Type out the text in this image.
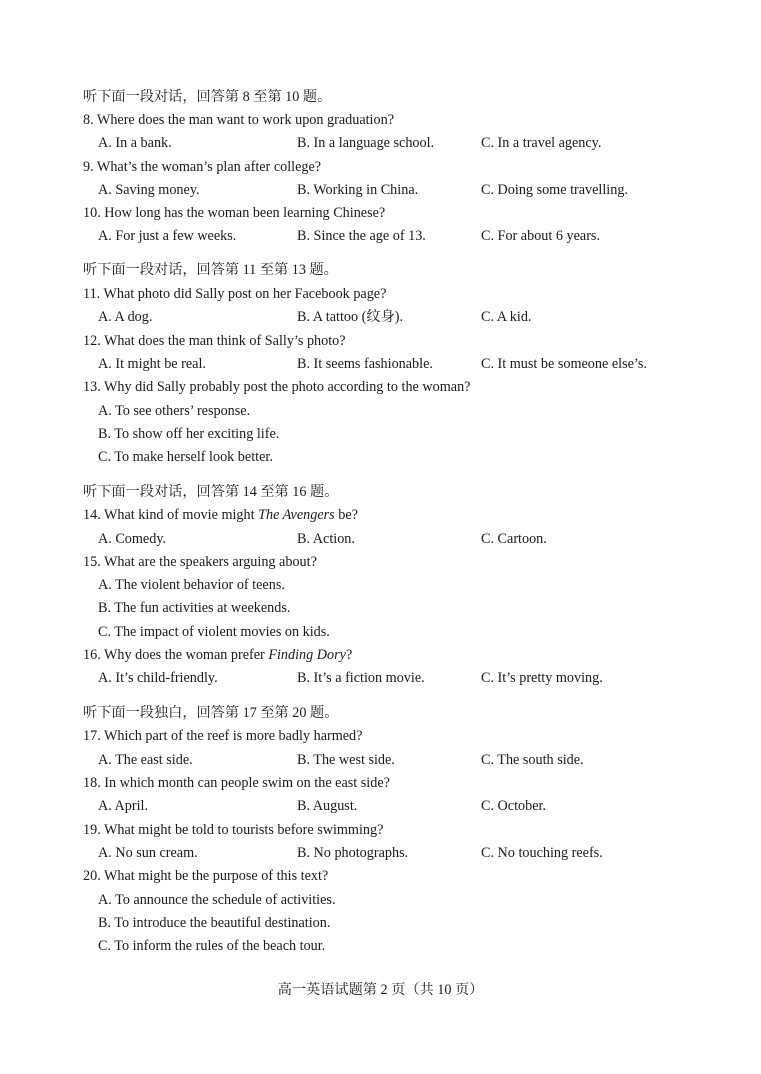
听下面一段对话，回答第 8 至第 10 题。
8. Where does the man want to work upon graduation?
A. In a bank.	B. In a language school.	C. In a travel agency.
9. What’s the woman’s plan after college?
A. Saving money.	B. Working in China.	C. Doing some travelling.
10. How long has the woman been learning Chinese?
A. For just a few weeks.	B. Since the age of 13.	C. For about 6 years.
听下面一段对话，回答第 11 至第 13 题。
11. What photo did Sally post on her Facebook page?
A. A dog.	B. A tattoo (纹身).	C. A kid.
12. What does the man think of Sally’s photo?
A. It might be real.	B. It seems fashionable.	C. It must be someone else’s.
13. Why did Sally probably post the photo according to the woman?
A. To see others’ response.
B. To show off her exciting life.
C. To make herself look better.
听下面一段对话，回答第 14 至第 16 题。
14. What kind of movie might The Avengers be?
A. Comedy.	B. Action.	C. Cartoon.
15. What are the speakers arguing about?
A. The violent behavior of teens.
B. The fun activities at weekends.
C. The impact of violent movies on kids.
16. Why does the woman prefer Finding Dory?
A. It’s child-friendly.	B. It’s a fiction movie.	C. It’s pretty moving.
听下面一段独白，回答第 17 至第 20 题。
17. Which part of the reef is more badly harmed?
A. The east side.	B. The west side.	C. The south side.
18. In which month can people swim on the east side?
A. April.	B. August.	C. October.
19. What might be told to tourists before swimming?
A. No sun cream.	B. No photographs.	C. No touching reefs.
20. What might be the purpose of this text?
A. To announce the schedule of activities.
B. To introduce the beautiful destination.
C. To inform the rules of the beach tour.
高一英语试题第 2 页（共 10 页）
